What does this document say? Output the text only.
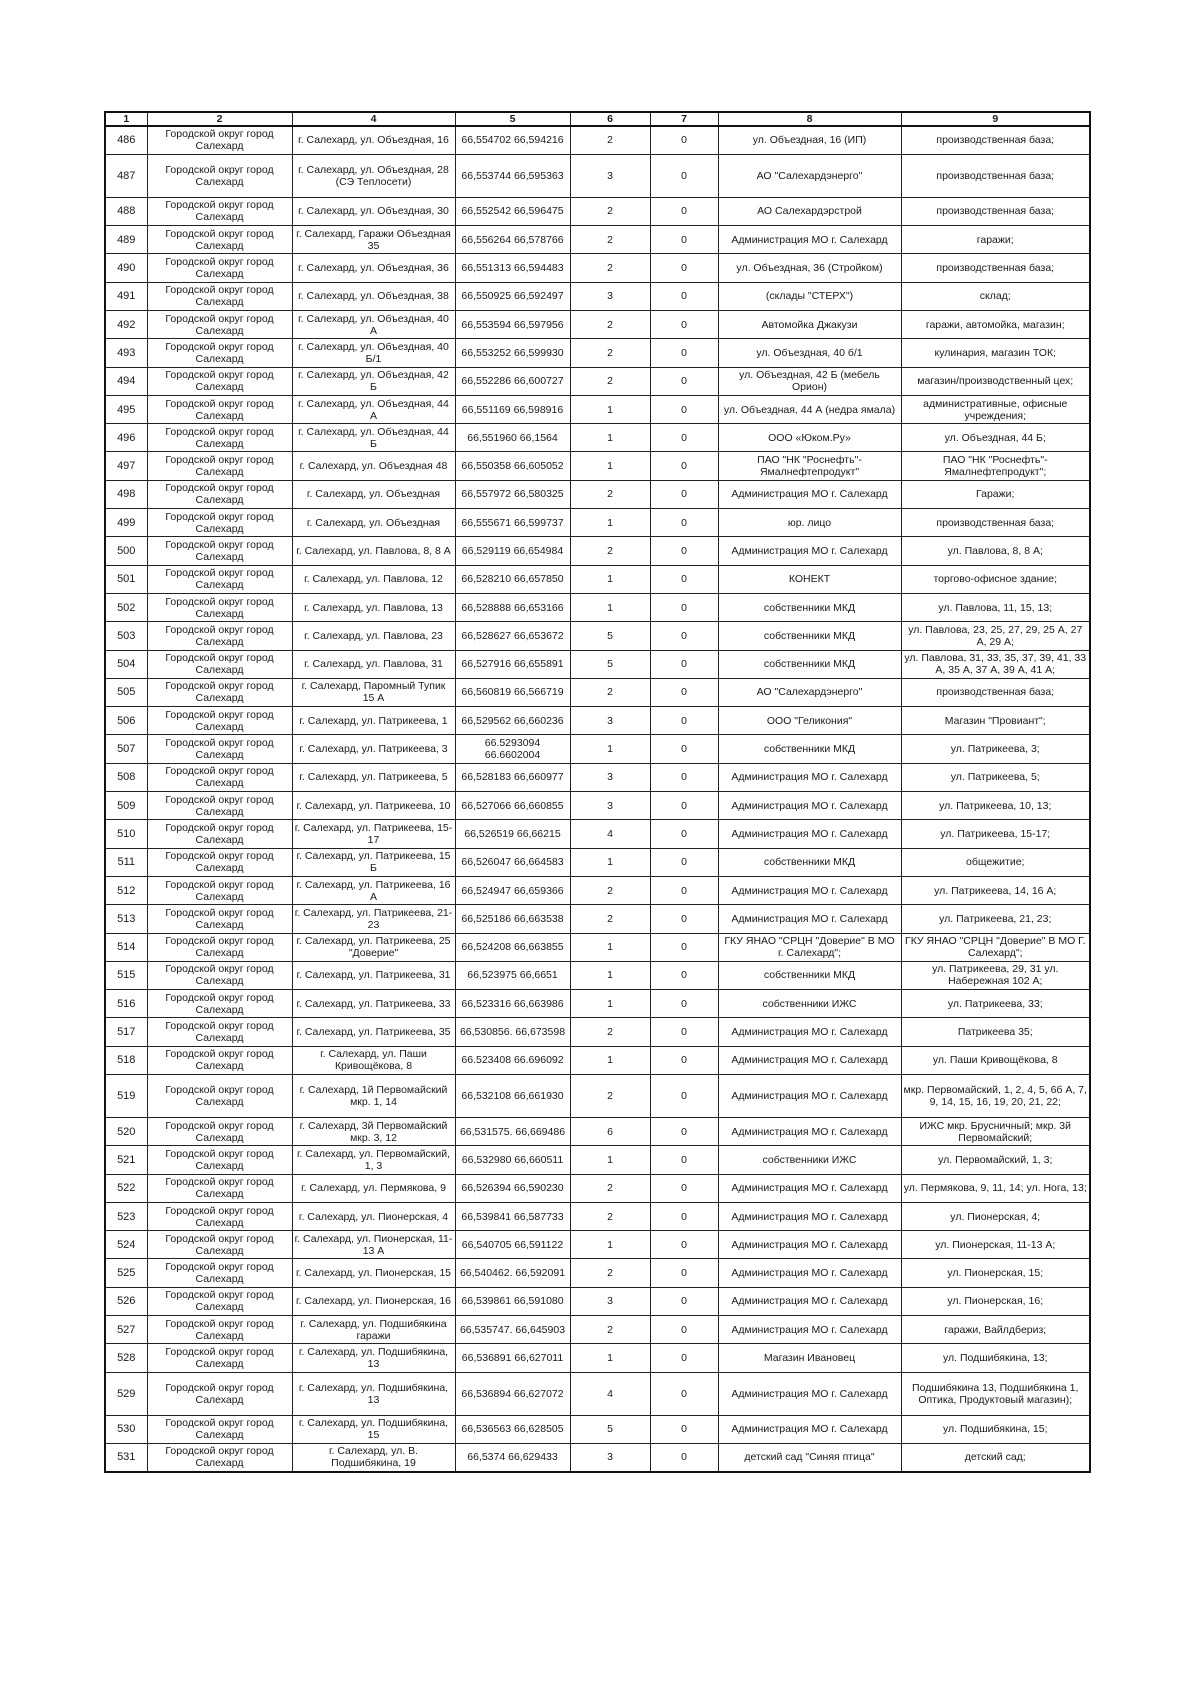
1	2	4	5	6	7	8	9
486	Городской округ город Салехард	г. Салехард, ул. Объездная, 16	66,554702 66,594216	2	0	ул. Объездная, 16 (ИП)	производственная база;
487	Городской округ город Салехард	г. Салехард, ул. Объездная, 28 (СЭ Теплосети)	66,553744 66,595363	3	0	АО "Салехардэнерго"	производственная база;
488	Городской округ город Салехард	г. Салехард, ул. Объездная, 30	66,552542 66,596475	2	0	АО Салехардэрстрой	производственная база;
489	Городской округ город Салехард	г. Салехард, Гаражи Объездная 35	66,556264 66,578766	2	0	Администрация МО г. Салехард	гаражи;
490	Городской округ город Салехард	г. Салехард, ул. Объездная, 36	66,551313 66,594483	2	0	ул. Объездная, 36 (Стройком)	производственная база;
491	Городской округ город Салехард	г. Салехард, ул. Объездная, 38	66,550925 66,592497	3	0	(склады "СТЕРХ")	склад;
492	Городской округ город Салехард	г. Салехард, ул. Объездная, 40 А	66,553594 66,597956	2	0	Автомойка Джакузи	гаражи, автомойка, магазин;
493	Городской округ город Салехард	г. Салехард, ул. Объездная, 40 Б/1	66,553252 66,599930	2	0	ул. Объездная, 40 б/1	кулинария, магазин ТОК;
494	Городской округ город Салехард	г. Салехард, ул. Объездная, 42 Б	66,552286 66,600727	2	0	ул. Объездная, 42 Б (мебель Орион)	магазин/производственный цех;
495	Городской округ город Салехард	г. Салехард, ул. Объездная, 44 А	66,551169 66,598916	1	0	ул. Объездная, 44 А (недра ямала)	административные, офисные учреждения;
496	Городской округ город Салехард	г. Салехард, ул. Объездная, 44 Б	66,551960 66,1564	1	0	ООО «Юком.Ру»	ул. Объездная, 44 Б;
497	Городской округ город Салехард	г. Салехард, ул. Объездная 48	66,550358 66,605052	1	0	ПАО "НК "Роснефть"-Ямалнефтепродукт"	ПАО "НК "Роснефть"-Ямалнефтепродукт";
498	Городской округ город Салехард	г. Салехард, ул. Объездная	66,557972 66,580325	2	0	Администрация МО г. Салехард	Гаражи;
499	Городской округ город Салехард	г. Салехард, ул. Объездная	66,555671 66,599737	1	0	юр. лицо	производственная база;
500	Городской округ город Салехард	г. Салехард, ул. Павлова, 8, 8 А	66,529119 66,654984	2	0	Администрация МО г. Салехард	ул. Павлова, 8, 8 А;
501	Городской округ город Салехард	г. Салехард, ул. Павлова, 12	66,528210 66,657850	1	0	КОНЕКТ	торгово-офисное здание;
502	Городской округ город Салехард	г. Салехард, ул. Павлова, 13	66,528888 66,653166	1	0	собственники МКД	ул. Павлова, 11, 15, 13;
503	Городской округ город Салехард	г. Салехард, ул. Павлова, 23	66,528627 66,653672	5	0	собственники МКД	ул. Павлова, 23, 25, 27, 29, 25 А, 27 А, 29 А;
504	Городской округ город Салехард	г. Салехард, ул. Павлова, 31	66,527916 66,655891	5	0	собственники МКД	ул. Павлова, 31, 33, 35, 37, 39, 41, 33 А, 35 А, 37 А, 39 А, 41 А;
505	Городской округ город Салехард	г. Салехард, Паромный Тупик 15 А	66,560819 66,566719	2	0	АО "Салехардэнерго"	производственная база;
506	Городской округ город Салехард	г. Салехард, ул. Патрикеева, 1	66,529562 66,660236	3	0	ООО "Геликония"	Магазин "Провиант";
507	Городской округ город Салехард	г. Салехард, ул. Патрикеева, 3	66.5293094 66.6602004	1	0	собственники МКД	ул. Патрикеева, 3;
508	Городской округ город Салехард	г. Салехард, ул. Патрикеева, 5	66,528183 66,660977	3	0	Администрация МО г. Салехард	ул. Патрикеева, 5;
509	Городской округ город Салехард	г. Салехард, ул. Патрикеева, 10	66,527066 66,660855	3	0	Администрация МО г. Салехард	ул. Патрикеева, 10, 13;
510	Городской округ город Салехард	г. Салехард, ул. Патрикеева, 15-17	66,526519 66,66215	4	0	Администрация МО г. Салехард	ул. Патрикеева, 15-17;
511	Городской округ город Салехард	г. Салехард, ул. Патрикеева, 15 Б	66,526047 66,664583	1	0	собственники МКД	общежитие;
512	Городской округ город Салехард	г. Салехард, ул. Патрикеева, 16 А	66,524947 66,659366	2	0	Администрация МО г. Салехард	ул. Патрикеева, 14, 16 А;
513	Городской округ город Салехард	г. Салехард, ул. Патрикеева, 21-23	66,525186 66,663538	2	0	Администрация МО г. Салехард	ул. Патрикеева, 21, 23;
514	Городской округ город Салехард	г. Салехард, ул. Патрикеева, 25 "Доверие"	66,524208 66,663855	1	0	ГКУ ЯНАО "СРЦН "Доверие" В МО г. Салехард";	ГКУ ЯНАО "СРЦН "Доверие" В МО Г. Салехард";
515	Городской округ город Салехард	г. Салехард, ул. Патрикеева, 31	66,523975 66,6651	1	0	собственники МКД	ул. Патрикеева, 29, 31 ул. Набережная 102 А;
516	Городской округ город Салехард	г. Салехард, ул. Патрикеева, 33	66,523316 66,663986	1	0	собственники ИЖС	ул. Патрикеева, 33;
517	Городской округ город Салехард	г. Салехард, ул. Патрикеева, 35	66,530856. 66,673598	2	0	Администрация МО г. Салехард	Патрикеева 35;
518	Городской округ город Салехард	г. Салехард, ул. Паши Кривощёкова, 8	66.523408 66.696092	1	0	Администрация МО г. Салехард	ул. Паши Кривощёкова, 8
519	Городской округ город Салехард	г. Салехард, 1й Первомайский мкр. 1, 14	66,532108 66,661930	2	0	Администрация МО г. Салехард	мкр. Первомайский, 1, 2, 4, 5, 6б А, 7, 9, 14, 15, 16, 19, 20, 21, 22;
520	Городской округ город Салехард	г. Салехард, 3й Первомайский мкр. 3, 12	66,531575. 66,669486	6	0	Администрация МО г. Салехард	ИЖС мкр. Брусничный; мкр. 3й Первомайский;
521	Городской округ город Салехард	г. Салехард, ул. Первомайский, 1, 3	66,532980 66,660511	1	0	собственники ИЖС	ул. Первомайский, 1, 3;
522	Городской округ город Салехард	г. Салехард, ул. Пермякова, 9	66,526394 66,590230	2	0	Администрация МО г. Салехард	ул. Пермякова, 9, 11, 14; ул. Нога, 13;
523	Городской округ город Салехард	г. Салехард, ул. Пионерская, 4	66,539841 66,587733	2	0	Администрация МО г. Салехард	ул. Пионерская, 4;
524	Городской округ город Салехард	г. Салехард, ул. Пионерская, 11-13 А	66,540705 66,591122	1	0	Администрация МО г. Салехард	ул. Пионерская, 11-13 А;
525	Городской округ город Салехард	г. Салехард, ул. Пионерская, 15	66,540462. 66,592091	2	0	Администрация МО г. Салехард	ул. Пионерская, 15;
526	Городской округ город Салехард	г. Салехард, ул. Пионерская, 16	66,539861 66,591080	3	0	Администрация МО г. Салехард	ул. Пионерская, 16;
527	Городской округ город Салехард	г. Салехард, ул. Подшибякина гаражи	66,535747. 66,645903	2	0	Администрация МО г. Салехард	гаражи, Вайлдбериз;
528	Городской округ город Салехард	г. Салехард, ул. Подшибякина, 13	66,536891 66,627011	1	0	Магазин Ивановец	ул. Подшибякина, 13;
529	Городской округ город Салехард	г. Салехард, ул. Подшибякина, 13	66,536894 66,627072	4	0	Администрация МО г. Салехард	Подшибякина 13, Подшибякина 1, Оптика, Продуктовый магазин);
530	Городской округ город Салехард	г. Салехард, ул. Подшибякина, 15	66,536563 66,628505	5	0	Администрация МО г. Салехард	ул. Подшибякина, 15;
531	Городской округ город Салехард	г. Салехард, ул. В. Подшибякина, 19	66,5374 66,629433	3	0	детский сад "Синяя птица"	детский сад;
